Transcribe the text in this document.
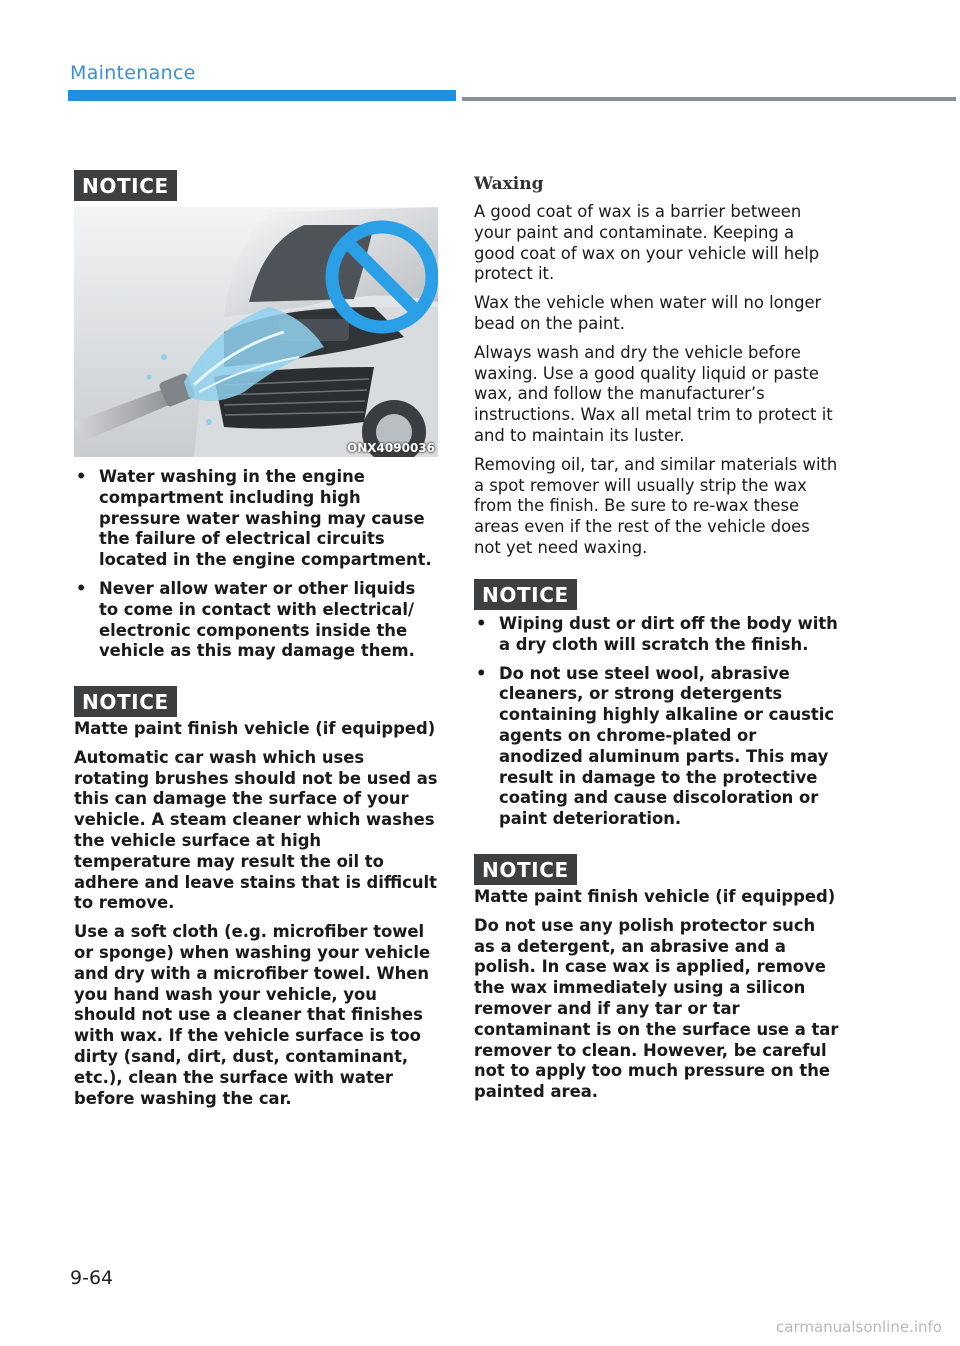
Maintenance
NOTICE
ONX4090036
• Water washing in the engine compartment including high pressure water washing may cause the failure of electrical circuits located in the engine compartment.
• Never allow water or other liquids to come in contact with electrical/ electronic components inside the vehicle as this may damage them.
NOTICE

Matte paint finish vehicle (if equipped)

Automatic car wash which uses rotating brushes should not be used as this can damage the surface of your vehicle. A steam cleaner which washes the vehicle surface at high temperature may result the oil to adhere and leave stains that is difficult to remove.

Use a soft cloth (e.g. microfiber towel or sponge) when washing your vehicle and dry with a microfiber towel. When you hand wash your vehicle, you should not use a cleaner that finishes with wax. If the vehicle surface is too dirty (sand, dirt, dust, contaminant, etc.), clean the surface with water before washing the car.

Waxing

A good coat of wax is a barrier between your paint and contaminate. Keeping a good coat of wax on your vehicle will help protect it.

Wax the vehicle when water will no longer bead on the paint.

Always wash and dry the vehicle before waxing. Use a good quality liquid or paste wax, and follow the manufacturer’s instructions. Wax all metal trim to protect it and to maintain its luster.

Removing oil, tar, and similar materials with a spot remover will usually strip the wax from the finish. Be sure to re-wax these areas even if the rest of the vehicle does not yet need waxing.

NOTICE
• Wiping dust or dirt off the body with a dry cloth will scratch the finish.
• Do not use steel wool, abrasive cleaners, or strong detergents containing highly alkaline or caustic agents on chrome-plated or anodized aluminum parts. This may result in damage to the protective coating and cause discoloration or paint deterioration.
NOTICE

Matte paint finish vehicle (if equipped)

Do not use any polish protector such as a detergent, an abrasive and a polish. In case wax is applied, remove the wax immediately using a silicon remover and if any tar or tar contaminant is on the surface use a tar remover to clean. However, be careful not to apply too much pressure on the painted area.

9-64
carmanualsonline.info
